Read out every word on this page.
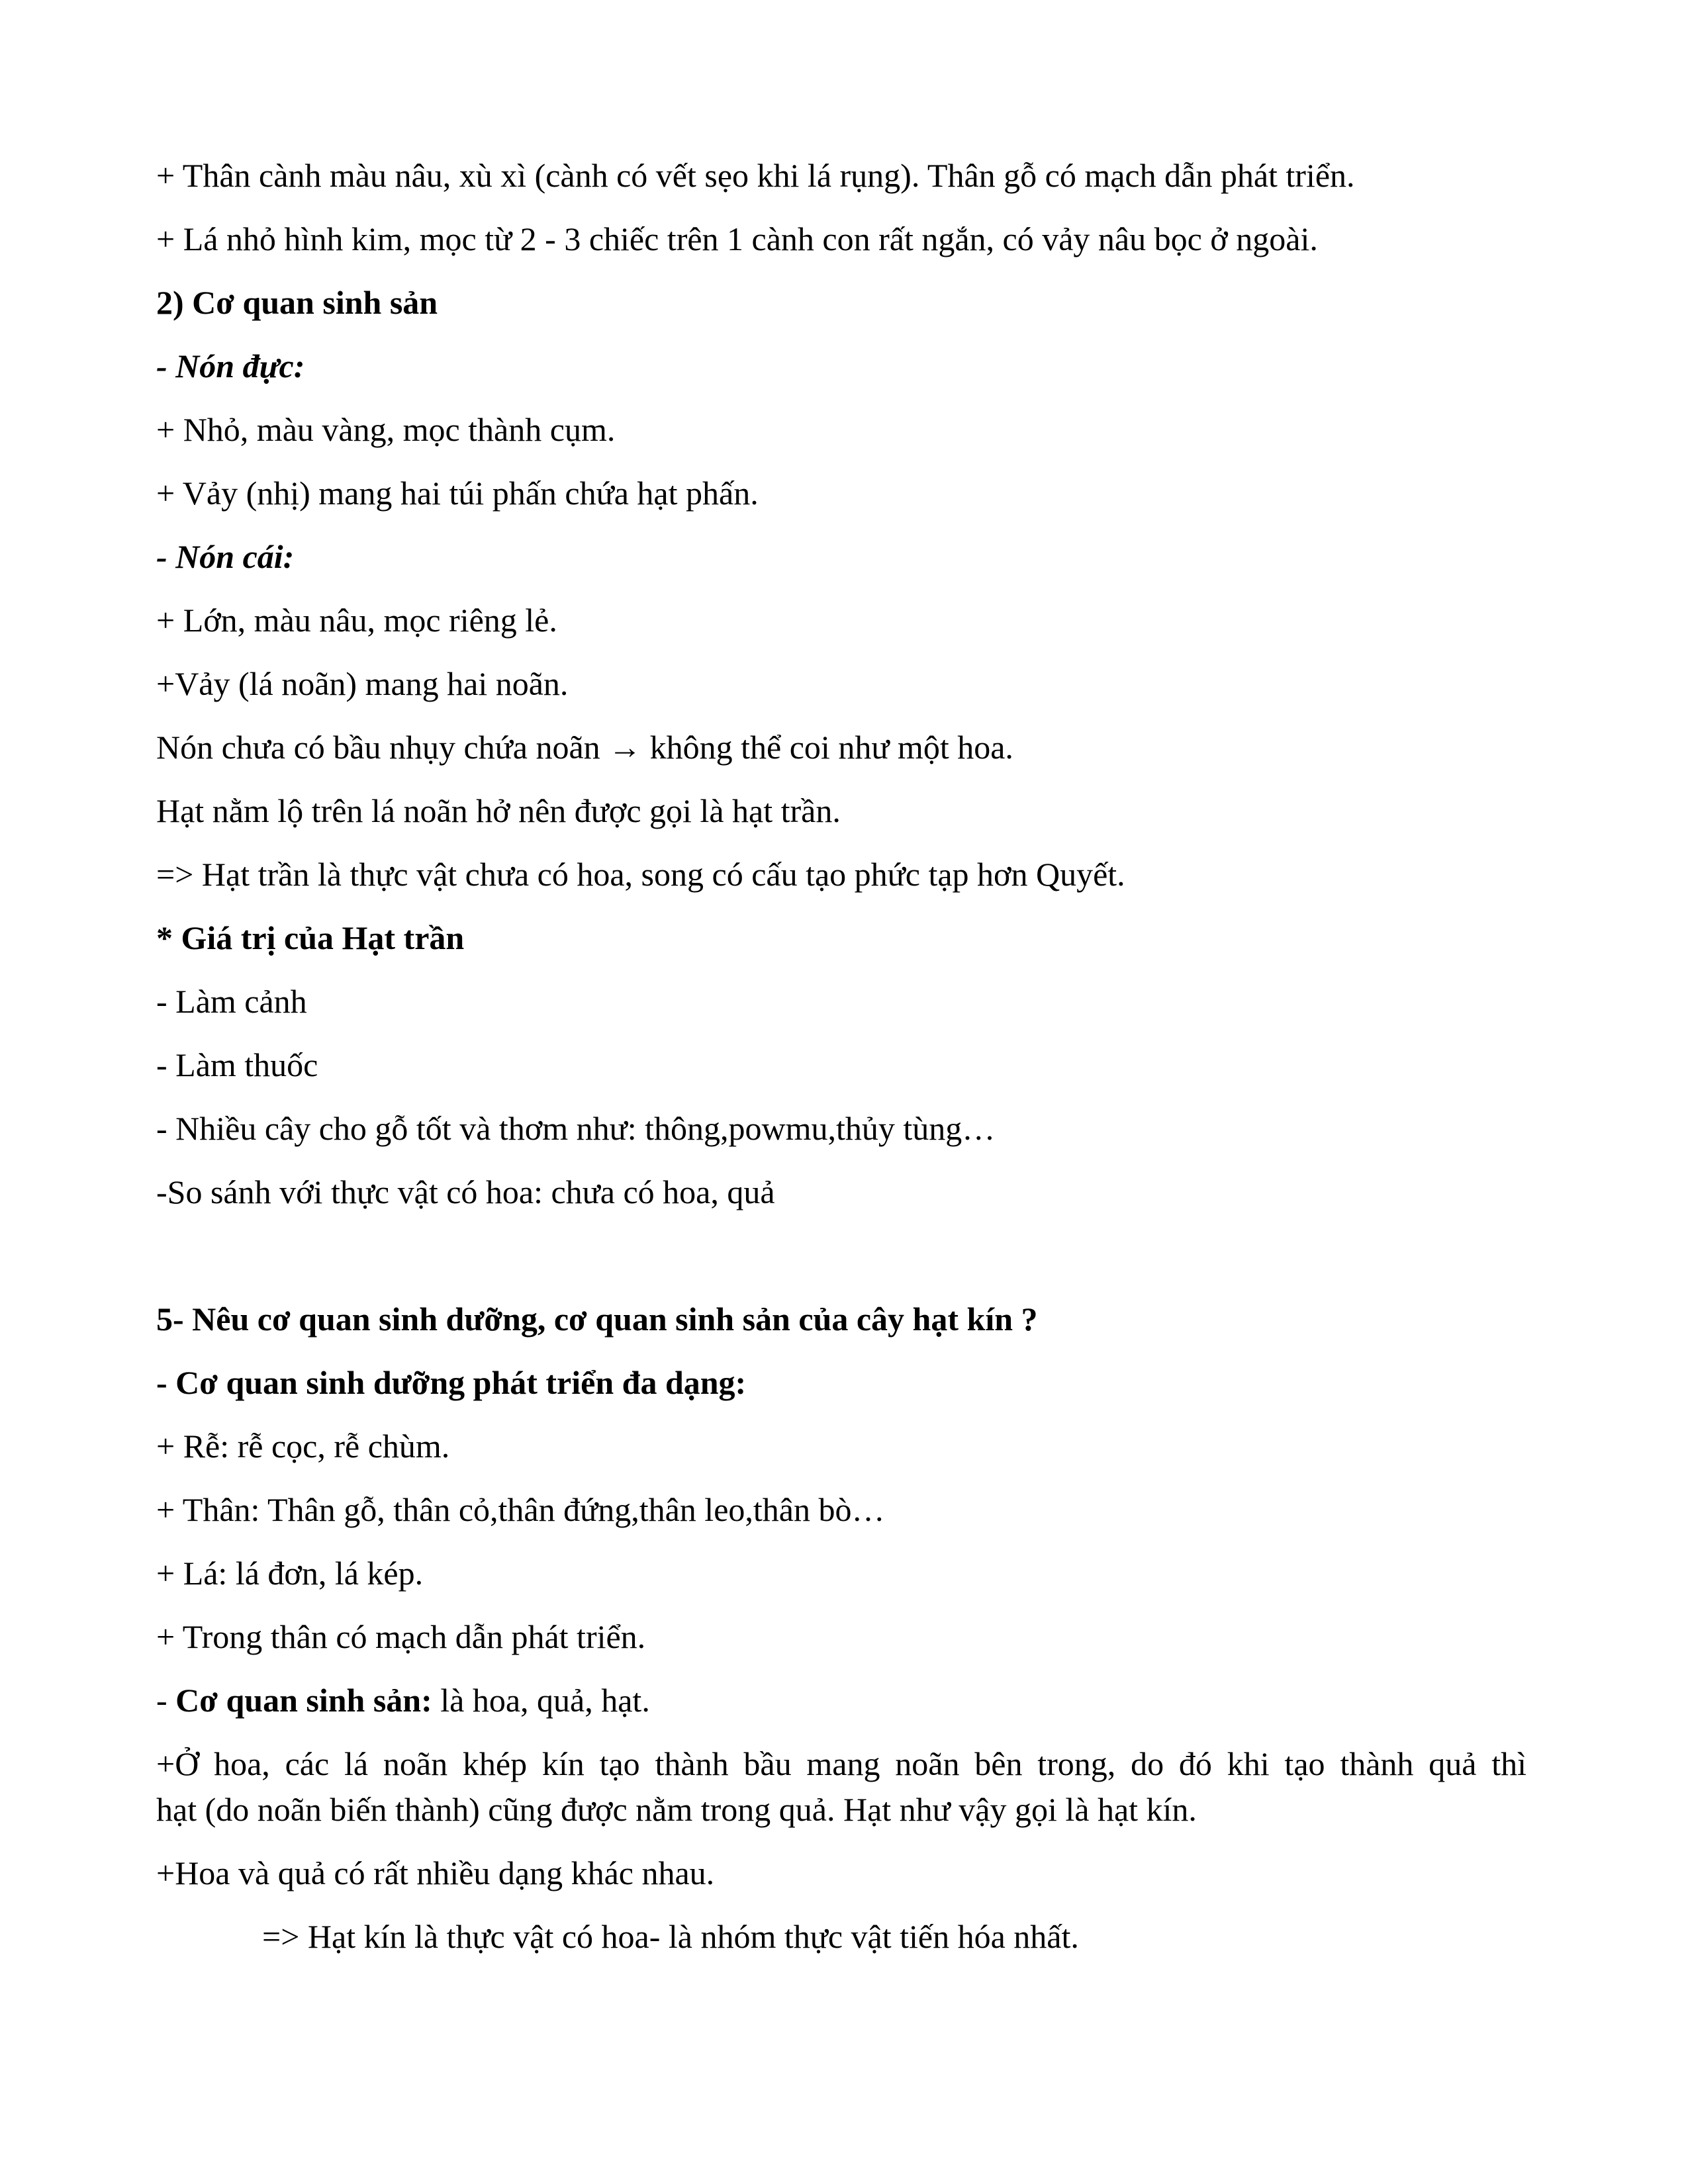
+ Thân cành màu nâu, xù xì (cành có vết sẹo khi lá rụng). Thân gỗ có mạch dẫn phát triển.
+ Lá nhỏ hình kim, mọc từ 2 - 3 chiếc trên 1 cành con rất ngắn, có vảy nâu bọc ở ngoài.
2) Cơ quan sinh sản
- Nón đực:
+ Nhỏ, màu vàng, mọc thành cụm.
+ Vảy (nhị) mang hai túi phấn chứa hạt phấn.
- Nón cái:
+ Lớn, màu nâu, mọc riêng lẻ.
+Vảy (lá noãn) mang hai noãn.
Nón chưa có bầu nhụy chứa noãn → không thể coi như một hoa.
Hạt nằm lộ trên lá noãn hở nên được gọi là hạt trần.
=> Hạt trần là thực vật chưa có hoa, song có cấu tạo phức tạp hơn Quyết.
* Giá trị của Hạt trần
- Làm cảnh
- Làm thuốc
- Nhiều cây cho gỗ tốt và thơm như: thông,powmu,thủy tùng…
-So sánh với thực vật có hoa: chưa có hoa, quả
5- Nêu cơ quan sinh dưỡng, cơ quan sinh sản của cây hạt kín ?
- Cơ quan sinh dưỡng phát triển đa dạng:
+ Rễ: rễ cọc, rễ chùm.
+ Thân: Thân gỗ, thân cỏ,thân đứng,thân leo,thân bò…
+ Lá: lá đơn, lá kép.
+ Trong thân có mạch dẫn phát triển.
- Cơ quan sinh sản: là hoa, quả, hạt.
+Ở hoa, các lá noãn khép kín tạo thành bầu mang noãn bên trong, do đó khi tạo thành quả thì
hạt (do noãn biến thành) cũng được nằm trong quả. Hạt như vậy gọi là hạt kín.
+Hoa và quả có rất nhiều dạng khác nhau.
=> Hạt kín là thực vật có hoa- là nhóm thực vật tiến hóa nhất.
